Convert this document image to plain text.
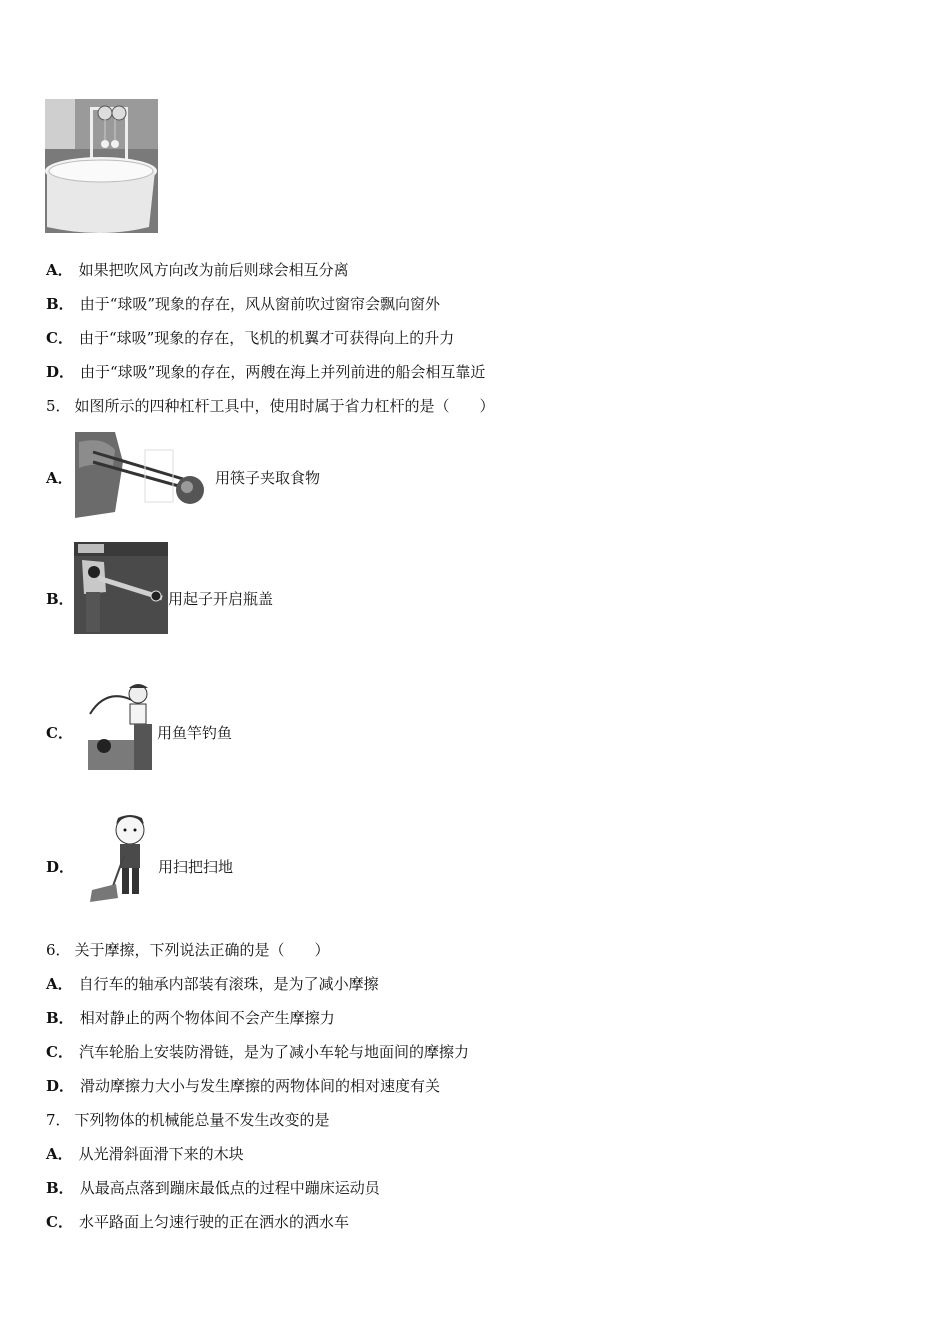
A． 如果把吹风方向改为前后则球会相互分离
B． 由于“球吸”现象的存在，风从窗前吹过窗帘会飘向窗外
C． 由于“球吸”现象的存在，飞机的机翼才可获得向上的升力
D． 由于“球吸”现象的存在，两艘在海上并列前进的船会相互靠近
5． 如图所示的四种杠杆工具中，使用时属于省力杠杆的是（　　）
A．	用筷子夹取食物
B．	用起子开启瓶盖
C．	用鱼竿钓鱼
D．	用扫把扫地
6． 关于摩擦，下列说法正确的是（　　）
A． 自行车的轴承内部装有滚珠，是为了减小摩擦
B． 相对静止的两个物体间不会产生摩擦力
C． 汽车轮胎上安装防滑链，是为了减小车轮与地面间的摩擦力
D． 滑动摩擦力大小与发生摩擦的两物体间的相对速度有关
7． 下列物体的机械能总量不发生改变的是
A． 从光滑斜面滑下来的木块
B． 从最高点落到蹦床最低点的过程中蹦床运动员
C． 水平路面上匀速行驶的正在洒水的洒水车
